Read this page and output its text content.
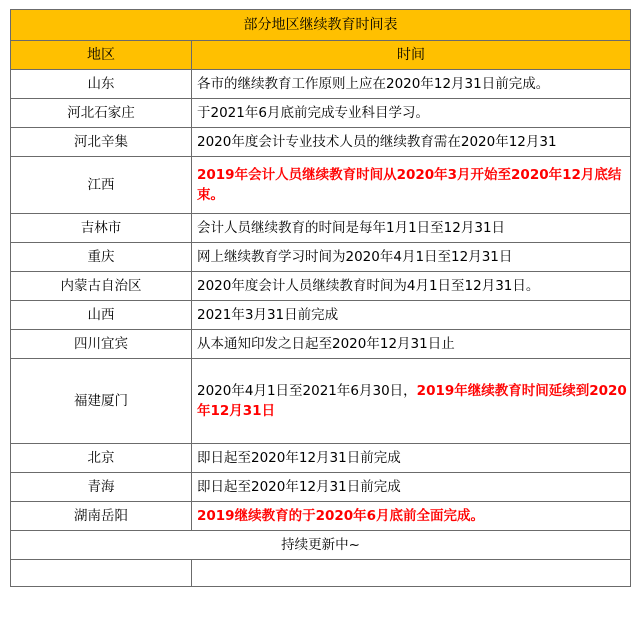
部分地区继续教育时间表	
地区	时间
山东	各市的继续教育工作原则上应在2020年12月31日前完成。
河北石家庄	于2021年6月底前完成专业科目学习。
河北辛集	2020年度会计专业技术人员的继续教育需在2020年12月31
江西	2019年会计人员继续教育时间从2020年3月开始至2020年12月底结束。
吉林市	会计人员继续教育的时间是每年1月1日至12月31日
重庆	网上继续教育学习时间为2020年4月1日至12月31日
内蒙古自治区	2020年度会计人员继续教育时间为4月1日至12月31日。
山西	2021年3月31日前完成
四川宜宾	从本通知印发之日起至2020年12月31日止
福建厦门	2020年4月1日至2021年6月30日，2019年继续教育时间延续到2020年12月31日
北京	即日起至2020年12月31日前完成
青海	即日起至2020年12月31日前完成
湖南岳阳	2019继续教育的于2020年6月底前全面完成。
持续更新中~	
